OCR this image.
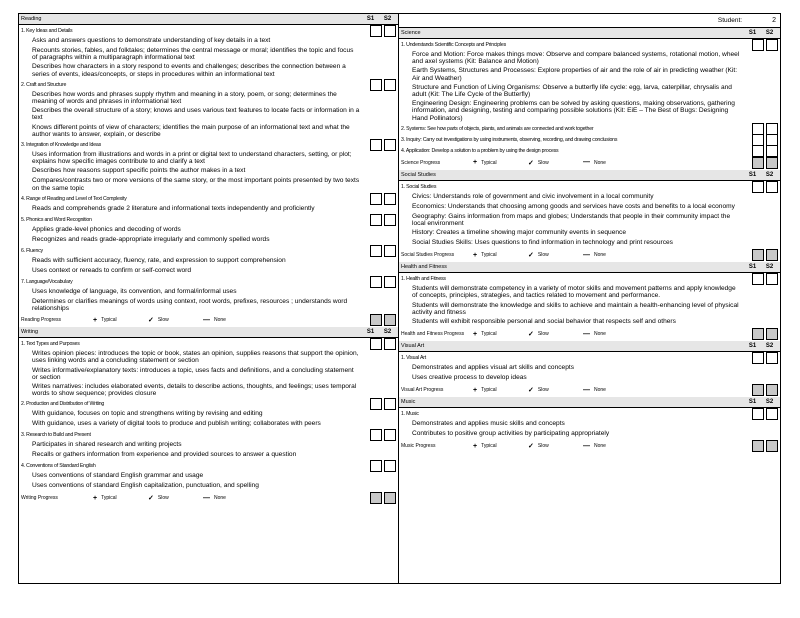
Reading	S1	S2
1. Key Ideas and Details
Asks and answers questions to demonstrate understanding of key details in a text
Recounts stories, fables, and folktales; determines the central message or moral; identifies the topic and focus of paragraphs within a multiparagraph informational text
Describes how characters in a story respond to events and challenges; describes the connection between a series of events, ideas/concepts, or steps in procedures within an informational text
2. Craft and Structure
Describes how words and phrases supply rhythm and meaning in a story, poem, or song; determines the meaning of words and phrases in informational text
Describes the overall structure of a story; knows and uses various text features to locate facts or information in a text
Knows different points of view of characters; identifies the main purpose of an informational text and what the author wants to answer, explain, or describe
3. Integration of Knowledge and Ideas
Uses information from illustrations and words in a print or digital text to understand characters, setting, or plot; explains how specific images contribute to and clarify a text
Describes how reasons support specific points the author makes in a text
Compares/contrasts two or more versions of the same story, or the most important points presented by two texts on the same topic
4. Range of Reading and Level of Text Complexity
Reads and comprehends grade 2 literature and informational texts independently and proficiently
5. Phonics and Word Recognition
Applies grade-level phonics and decoding of words
Recognizes and reads grade-appropriate irregularly and commonly spelled words
6. Fluency
Reads with sufficient accuracy, fluency, rate, and expression to support comprehension
Uses context or rereads to confirm or self-correct word
7. Language/Vocabulary
Uses knowledge of language, its convention, and formal/informal uses
Determines or clarifies meanings of words using context, root words, prefixes, resources ; understands word relationships
Reading Progress	+ Typical	✓ Slow	— None
Writing	S1	S2
1. Text Types and Purposes
Writes opinion pieces: introduces the topic or book, states an opinion, supplies reasons that support the opinion, uses linking words and a concluding statement or section
Writes informative/explanatory texts: introduces a topic, uses facts and definitions, and a concluding statement or section
Writes narratives: includes elaborated events, details to describe actions, thoughts, and feelings; uses temporal words to show sequence; provides closure
2. Production and Distribution of Writing
With guidance, focuses on topic and strengthens writing by revising and editing
With guidance, uses a variety of digital tools to produce and publish writing; collaborates with peers
3. Research to Build and Present
Participates in shared research and writing projects
Recalls or gathers information from experience and provided sources to answer a question
4. Conventions of Standard English
Uses conventions of standard English grammar and usage
Uses conventions of standard English capitalization, punctuation, and spelling
Writing Progress	+ Typical	✓ Slow	— None
Student:	2
Science	S1	S2
1. Understands Scientific Concepts and Principles
Force and Motion: Force makes things move: Observe and compare balanced systems, rotational motion, wheel and axel systems (Kit: Balance and Motion)
Earth Systems, Structures and Processes: Explore properties of air and the role of air in predicting weather (Kit: Air and Weather)
Structure and Function of Living Organisms: Observe a butterfly life cycle: egg, larva, caterpillar, chrysalis and adult (Kit: The Life Cycle of the Butterfly)
Engineering Design: Engineering problems can be solved by asking questions, making observations, gathering information, and designing, testing and comparing possible solutions (Kit: EiE – The Best of Bugs: Designing Hand Pollinators)
2. Systems: See how parts of objects, plants, and animals are connected and work together
3. Inquiry: Carry out investigations by using instruments, observing, recording, and drawing conclusions
4. Application: Develop a solution to a problem by using the design process
Science Progress	+ Typical	✓ Slow	— None
Social Studies	S1	S2
1. Social Studies
Civics: Understands role of government and civic involvement in a local community
Economics: Understands that choosing among goods and services have costs and benefits to a local economy
Geography: Gains information from maps and globes; Understands that people in their community impact the local environment
History: Creates a timeline showing major community events in sequence
Social Studies Skills: Uses questions to find information in technology and print resources
Social Studies Progress	+ Typical	✓ Slow	— None
Health and Fitness	S1	S2
1. Health and Fitness
Students will demonstrate competency in a variety of motor skills and movement patterns and apply knowledge of concepts, principles, strategies, and tactics related to movement and performance.
Students will demonstrate the knowledge and skills to achieve and maintain a health-enhancing level of physical activity and fitness
Students will exhibit responsible personal and social behavior that respects self and others
Health and Fitness Progress	+ Typical	✓ Slow	— None
Visual Art	S1	S2
1. Visual Art
Demonstrates and applies visual art skills and concepts
Uses creative process to develop ideas
Visual Art Progress	+ Typical	✓ Slow	— None
Music	S1	S2
1. Music
Demonstrates and applies music skills and concepts
Contributes to positive group activities by participating appropriately
Music Progress	+ Typical	✓ Slow	— None
